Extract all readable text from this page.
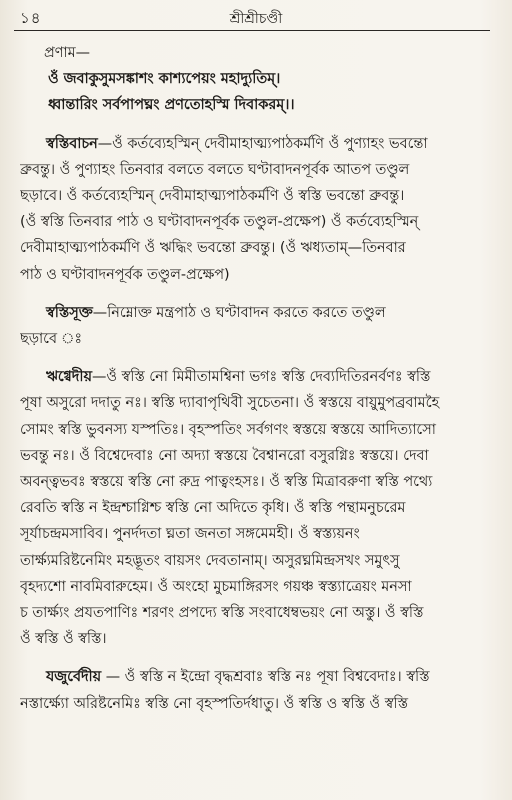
১৪	শ্রীশ্রীচণ্ডী
প্রণাম—
ওঁ জবাকুসুমসঙ্কাশং কাশ্যপেয়ং মহাদ্যুতিম্।
ধ্বান্তারিং সর্বপাপঘ্নং প্রণতোহস্মি দিবাকরম্।।
স্বস্তিবাচন—ওঁ কর্তব্যেহস্মিন্ দেবীমাহাত্ম্যপাঠকর্মণি ওঁ পুণ্যাহং ভবন্তো
ব্রুবন্তু। ওঁ পুণ্যাহং তিনবার বলতে বলতে ঘণ্টাবাদনপূর্বক আতপ তণ্ডুল
ছড়াবে। ওঁ কর্তব্যেহস্মিন্ দেবীমাহাত্ম্যপাঠকর্মণি ওঁ স্বস্তি ভবন্তো ব্রুবন্তু।
(ওঁ স্বস্তি তিনবার পাঠ ও ঘণ্টাবাদনপূর্বক তণ্ডুল-প্রক্ষেপ) ওঁ কর্তব্যেহস্মিন্
দেবীমাহাত্ম্যপাঠকর্মণি ওঁ ঋদ্ধিং ভবন্তো ব্রুবন্তু। (ওঁ ঋধ্যতাম্—তিনবার
পাঠ ও ঘণ্টাবাদনপূর্বক তণ্ডুল-প্রক্ষেপ)
স্বস্তিসূক্ত—নিম্নোক্ত মন্ত্রপাঠ ও ঘণ্টাবাদন করতে করতে তণ্ডুল
ছড়াবে ঃ
ঋগ্বেদীয়—ওঁ স্বস্তি নো মিমীতামশ্বিনা ভগঃ স্বস্তি দেব্যদিতিরনর্বণঃ স্বস্তি
পূষা অসুরো দদাতু নঃ। স্বস্তি দ্যাবাপৃথিবী সুচেতনা। ওঁ স্বস্তয়ে বায়ুমুপব্রবামহৈ
সোমং স্বস্তি ভুবনস্য যস্পতিঃ। বৃহস্পতিং সর্বগণং স্বস্তয়ে স্বস্তয়ে আদিত্যাসো
ভবন্তু নঃ। ওঁ বিশ্বেদেবাঃ নো অদ্যা স্বস্তয়ে বৈশ্বানরো বসুরগ্নিঃ স্বস্তয়ে। দেবা
অবন্ত্বভবঃ স্বস্তয়ে স্বস্তি নো রুদ্র পাত্বংহসঃ। ওঁ স্বস্তি মিত্রাবরুণা স্বস্তি পথ্যে
রেবতি স্বস্তি ন ইন্দ্রশ্চাগ্নিশ্চ স্বস্তি নো অদিতে কৃধি। ওঁ স্বস্তি পন্থামনুচরেম
সূর্যাচন্দ্রমসাবিব। পুনর্দদতা ঘ্নতা জনতা সঙ্গমেমহী। ওঁ স্বস্ত্যয়নং
তার্ক্ষ্যমরিষ্টনেমিং মহদ্ভূতং বায়সং দেবতানাম্। অসুরঘ্নমিন্দ্রসখং সমুৎসু
বৃহদ্যশো নাবমিবারুহেম। ওঁ অংহো মুচমাঙ্গিরসং গয়ঞ্চ স্বস্ত্যাত্রেয়ং মনসা
চ তার্ক্ষ্যং প্রযতপাণিঃ শরণং প্রপদ্যে স্বস্তি সংবাধেম্বভয়ং নো অস্তু। ওঁ স্বস্তি
ওঁ স্বস্তি ওঁ স্বস্তি।
যজুর্বেদীয় — ওঁ স্বস্তি ন ইন্দ্রো বৃদ্ধশ্রবাঃ স্বস্তি নঃ পূষা বিশ্ববেদাঃ। স্বস্তি
নস্তার্ক্ষ্যো অরিষ্টনেমিঃ স্বস্তি নো বৃহস্পতির্দধাতু। ওঁ স্বস্তি ও স্বস্তি ওঁ স্বস্তি
